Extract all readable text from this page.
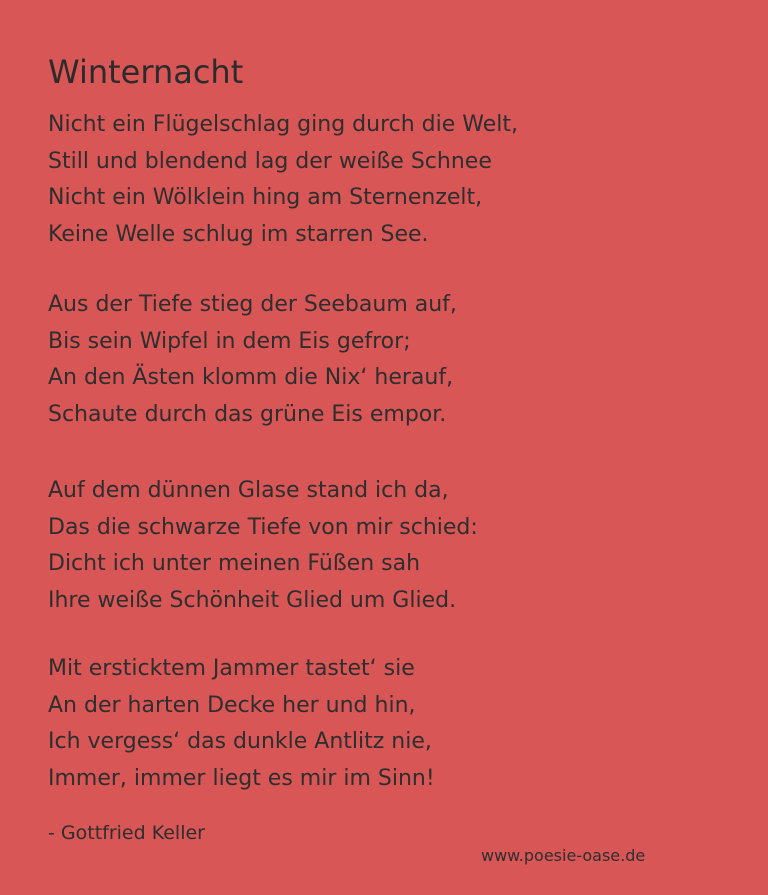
Winternacht
Nicht ein Flügelschlag ging durch die Welt,
Still und blendend lag der weiße Schnee
Nicht ein Wölklein hing am Sternenzelt,
Keine Welle schlug im starren See.
Aus der Tiefe stieg der Seebaum auf,
Bis sein Wipfel in dem Eis gefror;
An den Ästen klomm die Nix‘ herauf,
Schaute durch das grüne Eis empor.
Auf dem dünnen Glase stand ich da,
Das die schwarze Tiefe von mir schied:
Dicht ich unter meinen Füßen sah
Ihre weiße Schönheit Glied um Glied.
Mit ersticktem Jammer tastet‘ sie
An der harten Decke her und hin,
Ich vergess‘ das dunkle Antlitz nie,
Immer, immer liegt es mir im Sinn!
- Gottfried Keller
www.poesie-oase.de
